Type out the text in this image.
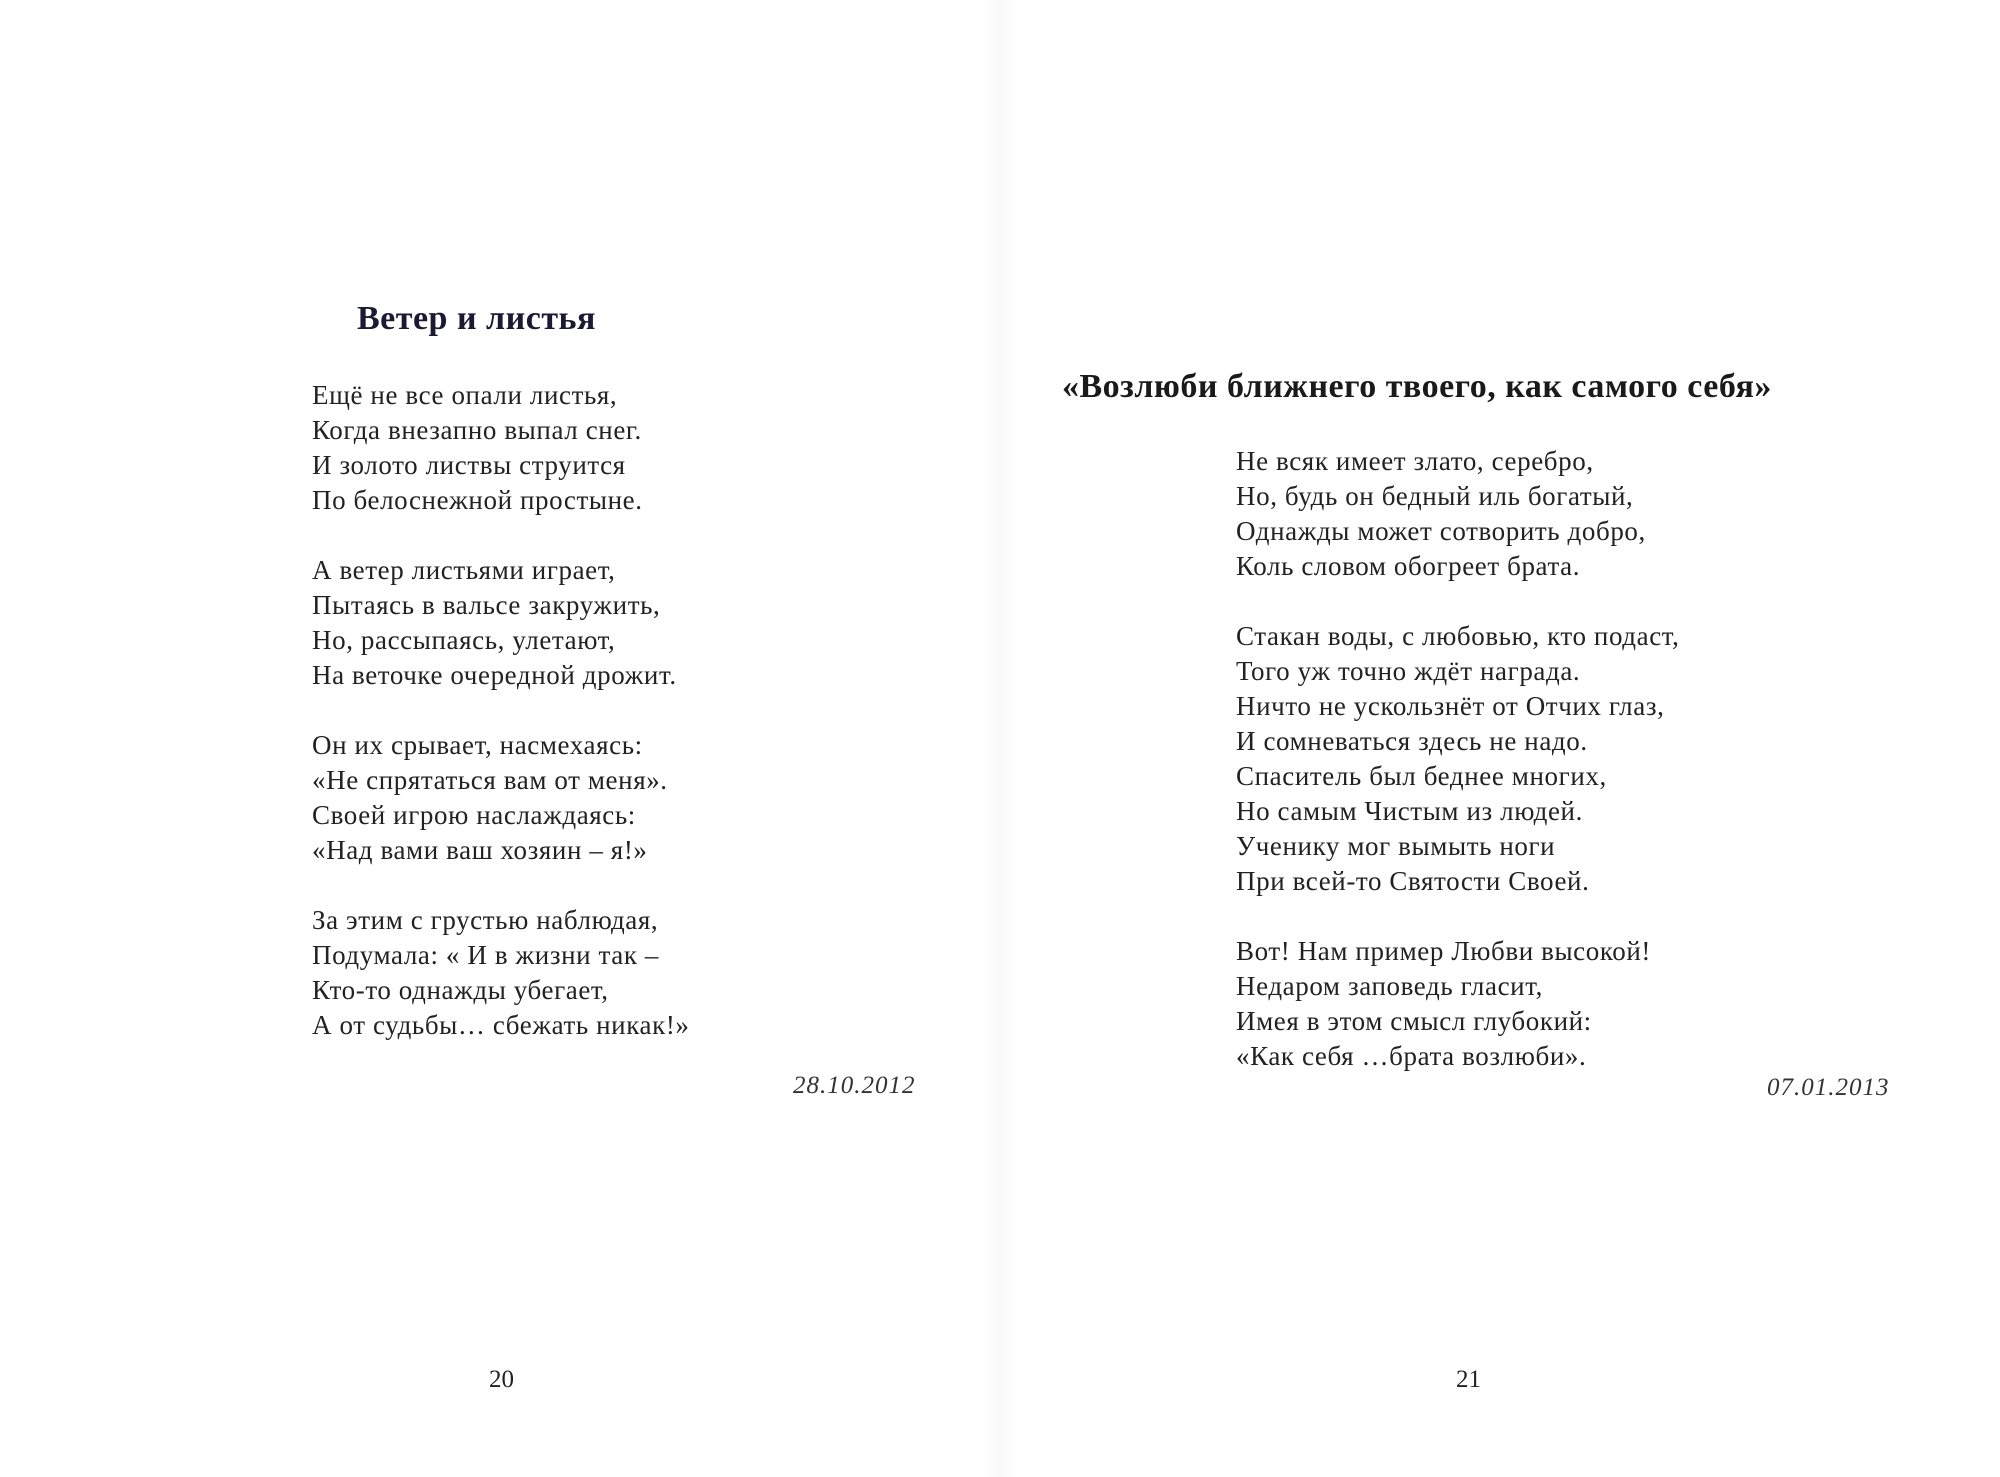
Ветер и листья

Ещё не все опали листья,
Когда внезапно выпал снег.
И золото листвы струится
По белоснежной простыне.

А ветер листьями играет,
Пытаясь в вальсе закружить,
Но, рассыпаясь, улетают,
На веточке очередной дрожит.

Он их срывает, насмехаясь:
«Не спрятаться вам от меня».
Своей игрою наслаждаясь:
«Над вами ваш хозяин – я!»

За этим с грустью наблюдая,
Подумала: « И в жизни так –
Кто-то однажды убегает,
А от судьбы… сбежать никак!»

28.10.2012
20
«Возлюби ближнего твоего, как самого себя»

Не всяк имеет злато, серебро,
Но, будь он бедный иль богатый,
Однажды может сотворить добро,
Коль словом обогреет брата.

Стакан воды, с любовью, кто подаст,
Того уж точно ждёт награда.
Ничто не ускользнёт от Отчих глаз,
И сомневаться здесь не надо.
Спаситель был беднее многих,
Но самым Чистым из людей.
Ученику мог вымыть ноги
При всей-то Святости Своей.

Вот! Нам пример Любви высокой!
Недаром заповедь гласит,
Имея в этом смысл глубокий:
«Как себя …брата возлюби».

07.01.2013
21
